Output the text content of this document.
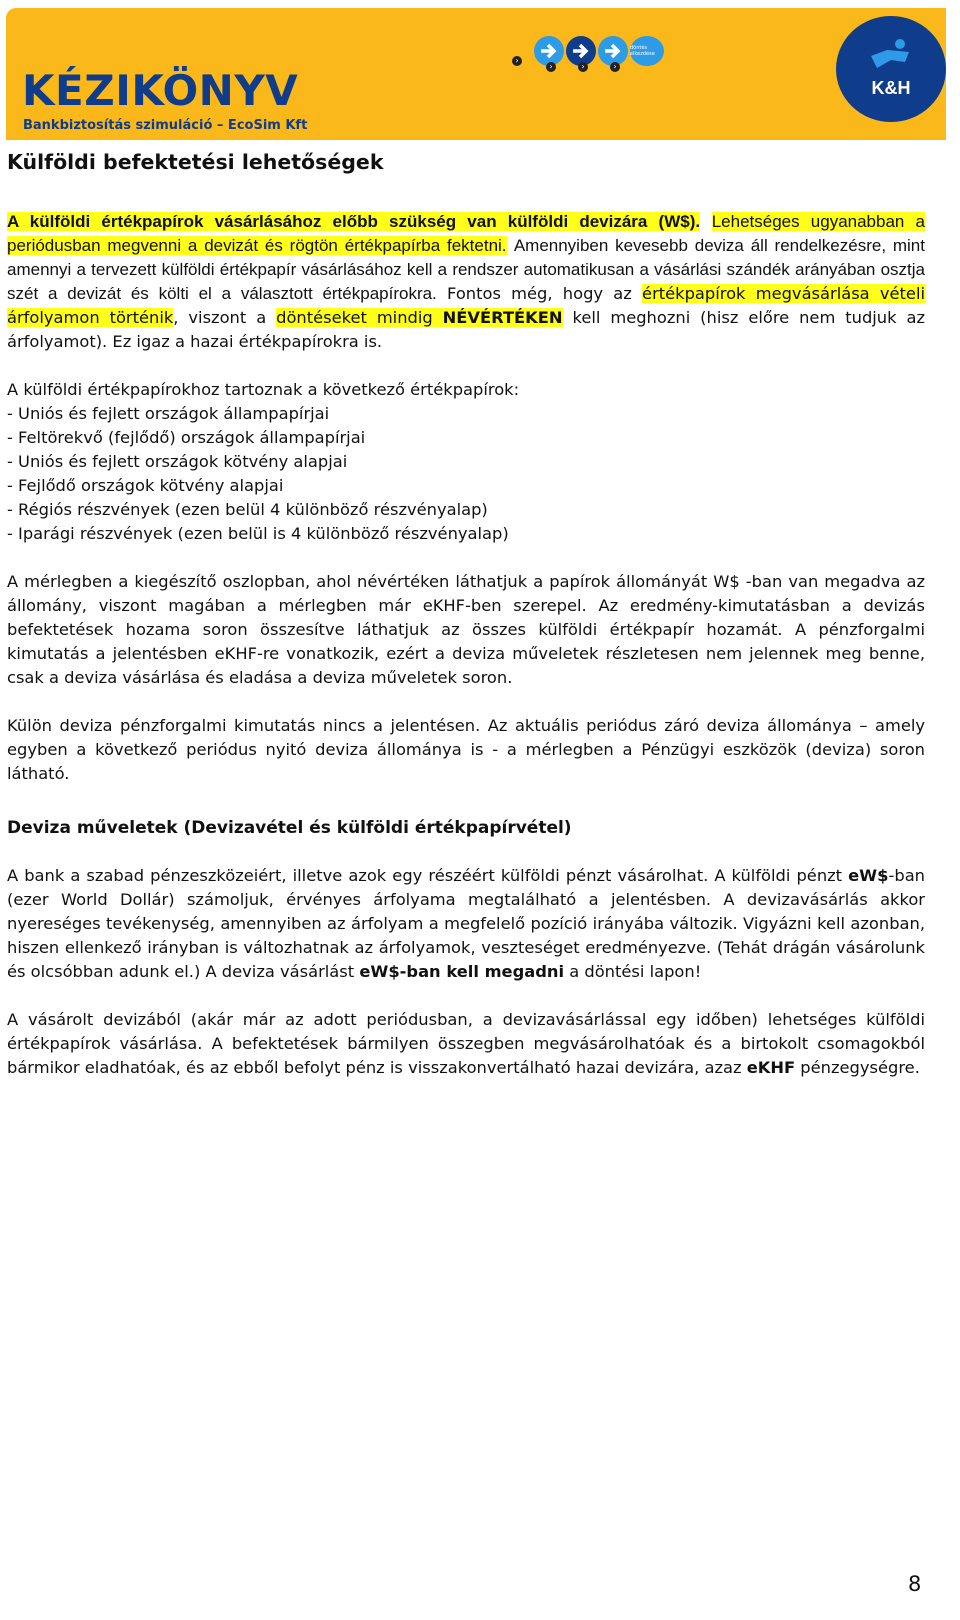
KÉZIKÖNYV
Bankbiztosítás szimuláció – EcoSim Kft
›
›	›	›
döntés elkezdése
K&H
Külföldi befektetési lehetőségek

A külföldi értékpapírok vásárlásához előbb szükség van külföldi devizára (W$). Lehetséges ugyanabban a periódusban megvenni a devizát és rögtön értékpapírba fektetni. Amennyiben kevesebb deviza áll rendelkezésre, mint amennyi a tervezett külföldi értékpapír vásárlásához kell a rendszer automatikusan a vásárlási szándék arányában osztja szét a devizát és költi el a választott értékpapírokra. Fontos még, hogy az értékpapírok megvásárlása vételi árfolyamon történik, viszont a döntéseket mindig NÉVÉRTÉKEN kell meghozni (hisz előre nem tudjuk az árfolyamot). Ez igaz a hazai értékpapírokra is.

A külföldi értékpapírokhoz tartoznak a következő értékpapírok:
- Uniós és fejlett országok állampapírjai
- Feltörekvő (fejlődő) országok állampapírjai
- Uniós és fejlett országok kötvény alapjai
- Fejlődő országok kötvény alapjai
- Régiós részvények (ezen belül 4 különböző részvényalap)
- Iparági részvények (ezen belül is 4 különböző részvényalap)

A mérlegben a kiegészítő oszlopban, ahol névértéken láthatjuk a papírok állományát W$ -ban van megadva az állomány, viszont magában a mérlegben már eKHF-ben szerepel. Az eredmény-kimutatásban a devizás befektetések hozama soron összesítve láthatjuk az összes külföldi értékpapír hozamát. A pénzforgalmi kimutatás a jelentésben eKHF-re vonatkozik, ezért a deviza műveletek részletesen nem jelennek meg benne, csak a deviza vásárlása és eladása a deviza műveletek soron.

Külön deviza pénzforgalmi kimutatás nincs a jelentésen. Az aktuális periódus záró deviza állománya – amely egyben a következő periódus nyitó deviza állománya is - a mérlegben a Pénzügyi eszközök (deviza) soron látható.

Deviza műveletek (Devizavétel és külföldi értékpapírvétel)

A bank a szabad pénzeszközeiért, illetve azok egy részéért külföldi pénzt vásárolhat. A külföldi pénzt eW$-ban (ezer World Dollár) számoljuk, érvényes árfolyama megtalálható a jelentésben. A devizavásárlás akkor nyereséges tevékenység, amennyiben az árfolyam a megfelelő pozíció irányába változik. Vigyázni kell azonban, hiszen ellenkező irányban is változhatnak az árfolyamok, veszteséget eredményezve. (Tehát drágán vásárolunk és olcsóbban adunk el.) A deviza vásárlást eW$-ban kell megadni a döntési lapon!

A vásárolt devizából (akár már az adott periódusban, a devizavásárlással egy időben) lehetséges külföldi értékpapírok vásárlása. A befektetések bármilyen összegben megvásárolhatóak és a birtokolt csomagokból bármikor eladhatóak, és az ebből befolyt pénz is visszakonvertálható hazai devizára, azaz eKHF pénzegységre.

8
